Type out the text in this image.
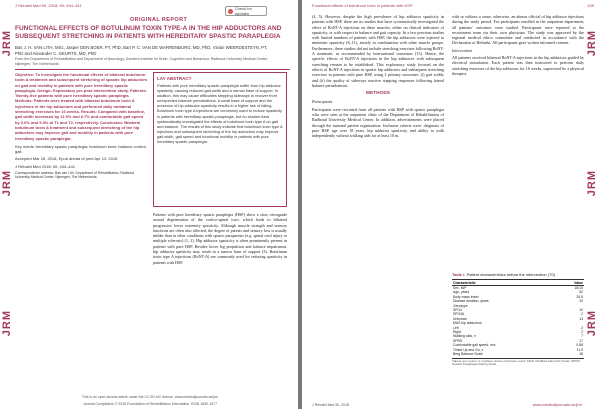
J Rehabil Med 50, 2018; 50: 434–441
JRM
JRM
JRM
Check for updates
ORIGINAL REPORT
FUNCTIONAL EFFECTS OF BOTULINUM TOXIN TYPE-A IN THE HIP ADDUCTORS AND SUBSEQUENT STRETCHING IN PATIENTS WITH HEREDITARY SPASTIC PARAPLEGIA
Bas J. H. VAN LITH, MSc, Jasper DEN BOER, PT, PhD, Bart P. C. VAN DE WARRENBURG, MD, PhD, Vivian WEERDESTEYN, PT, PhD and Alexander C. GEURTS, MD, PhD
From the Department of Rehabilitation and Department of Neurology, Donders Institute for Brain, Cognition and Behaviour, Radboud University Medical Center, Nijmegen, The Netherlands
Objective: To investigate the functional effects of bilateral botulinum toxin A treatment and subsequent stretching of spastic hip adductors on gait and mobility in patients with pure hereditary spastic paraplegia. Design: Exploratory pre-post intervention study. Patients: Twenty-five patients with pure hereditary spastic paraplegia. Methods: Patients were treated with bilateral botulinum toxin A injections in the hip adductors and performed daily unilateral stretching exercises for 16 weeks. Results: Compared with baseline, gait width increased by 11.9% and 6.7% and comfortable gait speed by 3.6% and 5.3% at T1 and T2, respectively. Conclusion: Bilateral botulinum toxin A treatment and subsequent stretching of the hip adductors may improve gait and mobility in patients with pure hereditary spastic paraplegia.
Key words: hereditary spastic paraplegia; botulinum toxin; balance control; gait.
Accepted Mar 26, 2018; Epub ahead of print Apr 13, 2018
J Rehabil Med 2018; 50: 434–441
Correspondence address: Bas van Lith, Department of Rehabilitation, Radboud University Medical Center, Nijmegen, The Netherlands.
LAY ABSTRACT

Patients with pure hereditary spastic paraplegia suffer from hip adductor spasticity, causing reduced gait width and a narrow base of support. In addition, this may cause difficulties stepping sideways to recover from unexpected balance perturbations. A small base of support and the presence of hip adductor spasticity results in a higher risk of falling. Botulinum toxin type A injections are commonly used to reduce spasticity in patients with hereditary spastic paraplegia, but no studies have systematically investigated the effects of botulinum toxin type A on gait and balance. The results of this study indicate that botulinum toxin type A injections and subsequent stretching of the hip adductors may improve gait width, gait speed and functional mobility in patients with pure hereditary spastic paraplegia.

Patients with pure hereditary spastic paraplegia (HSP) show a slow, retrograde axonal degeneration of the cortico-spinal tract, which leads to bilateral progressive lower extremity spasticity. Although muscle strength and sensory functions are often also affected, the degree of paresis and sensory loss is usually milder than in other conditions with spastic paraparesis (e.g. spinal cord injury or multiple sclerosis) (1, 2). Hip adductor spasticity is often prominently present in patients with pure HSP. Besides lower leg propulsion and balance impairment, hip adductor spasticity may result in a narrow base of support (3). Botulinum toxin type A injections (BoNT-A) are commonly used for reducing spasticity in patients with HSP.

This is an open access article under the CC BY-NC license. www.medicaljournals.se/jrm
Journal Compilation © 2018 Foundation of Rehabilitation Information. ISSN 1650-1977
Functional effects of botulinum toxin in patients with HSP	435
JRM
JRM
JRM

(4, 5). However, despite the high prevalence of hip adductor spasticity in patients with HSP, there are no studies that have systematically investigated the effect of BoNT-A injections on these muscles, either on clinical indicators of spasticity, or with respect to balance and gait capacity. In a few previous studies with limited numbers of patients with HSP, the hip adductors were injected to minimize spasticity (6–11), mostly in combination with other muscle groups. Furthermore, these studies did not include stretching exercises following BoNT-A treatment, as recommended by international consensus (15). Hence, the specific effects of BoNT-A injections in the hip adductors with subsequent stretching remain to be established. This exploratory study focused on the effects of BoNT-A injections in spastic hip adductors and subsequent stretching exercises in patients with pure HSP, using 2 primary outcomes: (i) gait width; and (ii) the quality of sideways reactive stepping responses following lateral balance perturbations.

METHODS

Participants

Participants were recruited from all patients with HSP with spastic paraplegia who were seen at the outpatient clinic of the Department of Rehabilitation of Radboud University Medical Center. In addition, advertisements were placed through the national patient organization. Inclusion criteria were: diagnosis of pure HSP, age over 18 years, hip adductor spasticity, and ability to walk independently without walking aids for at least 10 m.

with or without a cause, otherwise, an almost official of hip adductor injections during the study period. For participants enrolled in the outpatient department, all patients' outcomes were studied. Participants were reported to the recruitment team via their own physician. The study was approved by the regional medical ethics committee and conducted in accordance with the Declaration of Helsinki. All participants gave written informed consent.

Intervention

All patients received bilateral BoNT-A injections in the hip adductors guided by electrical stimulation. Each patient was then instructed to perform daily stretching exercises of the hip adductors for 16 weeks, supervised by a physical therapist.

Table I. Patient characteristics before the intervention (T0)
Characteristic	Value
Sex, M/F	15/10
Age, years	52
Body mass index	25.5
Disease duration, years	20
Genotype	
SPG4	10
SPG3A	2
Unknown	13
MAS hip adductors	
Left	2
Right	2
Walking aids, n	7
SPRS	17
Comfortable gait speed, m/s	0.88
Timed Up and Go, s	11.9
Berg Balance Scale	48
Values are means or medians unless otherwise noted. MAS: Modified Ashworth Scale; SPRS: Spastic Paraplegia Rating Scale.
J Rehabil Med 50, 2018	www.medicaljournals.se/jrm
